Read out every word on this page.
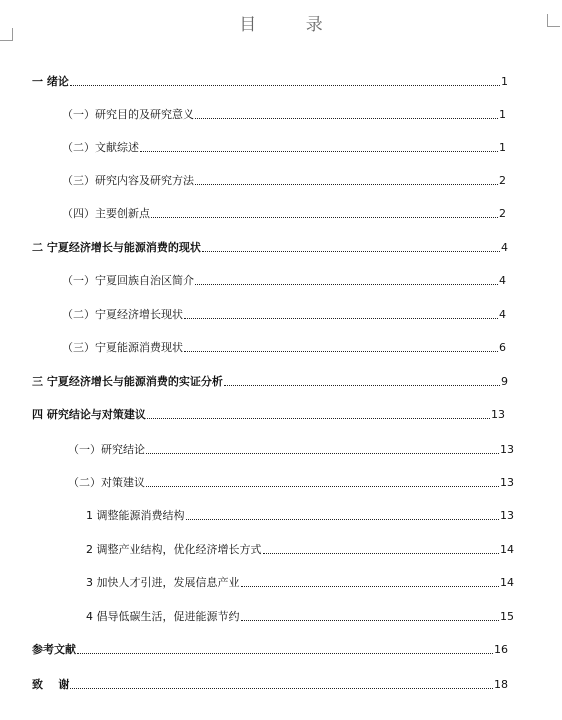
目 录
一 绪论	1
（一）研究目的及研究意义	1
（二）文献综述	1
（三）研究内容及研究方法	2
（四）主要创新点	2
二 宁夏经济增长与能源消费的现状	4
（一）宁夏回族自治区简介	4
（二）宁夏经济增长现状	4
（三）宁夏能源消费现状	6
三 宁夏经济增长与能源消费的实证分析	9
四 研究结论与对策建议	13
（一）研究结论	13
（二）对策建议	13
1 调整能源消费结构	13
2 调整产业结构，优化经济增长方式	14
3 加快人才引进，发展信息产业	14
4 倡导低碳生活，促进能源节约	15
参考文献	16
致    谢	18
